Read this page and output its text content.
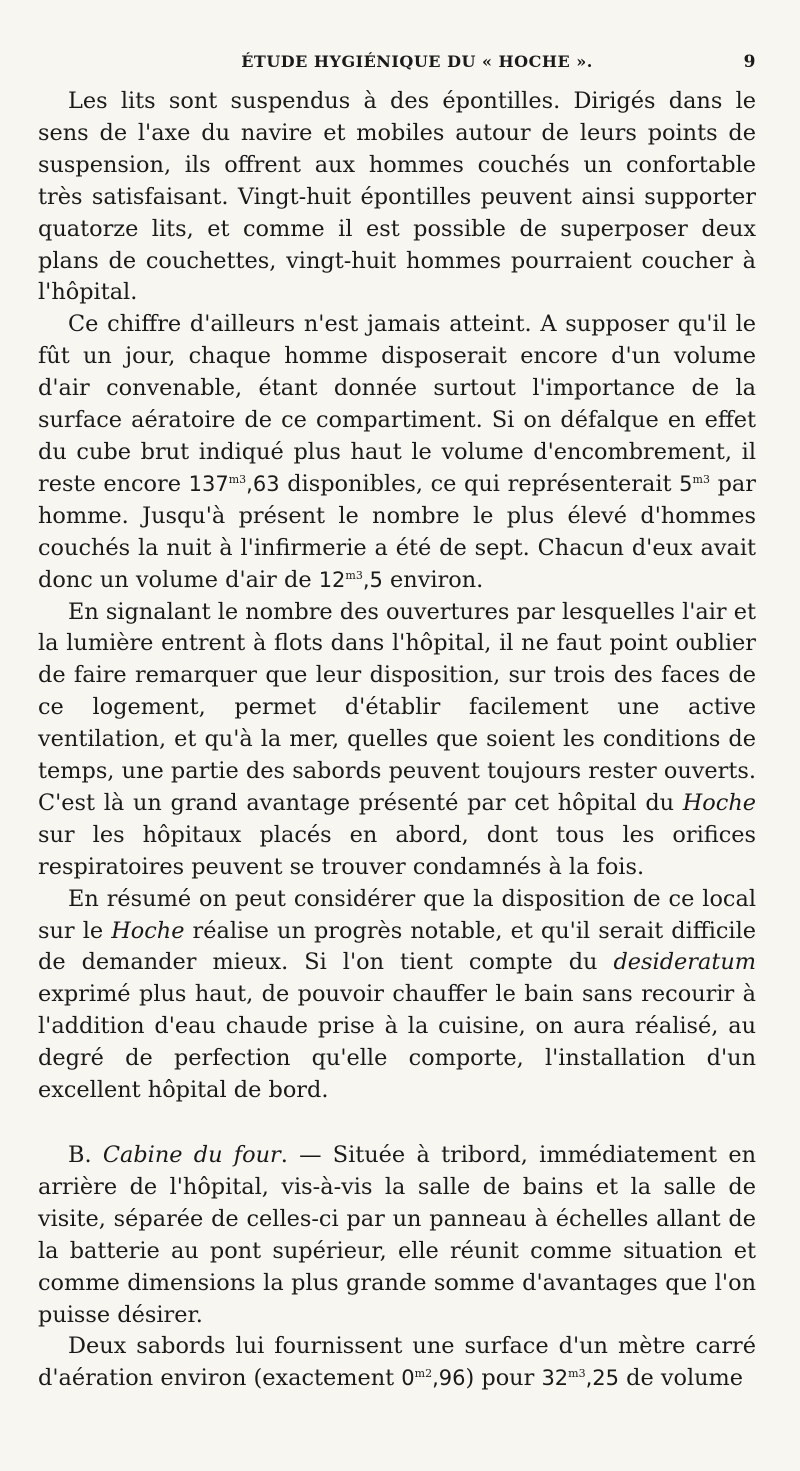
ÉTUDE HYGIÉNIQUE DU « HOCHE ».	9

Les lits sont suspendus à des épontilles. Dirigés dans le sens de l'axe du navire et mobiles autour de leurs points de suspension, ils offrent aux hommes couchés un confortable très satisfaisant. Vingt-huit épontilles peuvent ainsi supporter quatorze lits, et comme il est possible de superposer deux plans de couchettes, vingt-huit hommes pourraient coucher à l'hôpital.

Ce chiffre d'ailleurs n'est jamais atteint. A supposer qu'il le fût un jour, chaque homme disposerait encore d'un volume d'air convenable, étant donnée surtout l'importance de la surface aératoire de ce compartiment. Si on défalque en effet du cube brut indiqué plus haut le volume d'encombrement, il reste encore $137^{m3},63$ disponibles, ce qui représenterait $5^{m3}$ par homme. Jusqu'à présent le nombre le plus élevé d'hommes couchés la nuit à l'infirmerie a été de sept. Chacun d'eux avait donc un volume d'air de $12^{m3},5$ environ.

En signalant le nombre des ouvertures par lesquelles l'air et la lumière entrent à flots dans l'hôpital, il ne faut point oublier de faire remarquer que leur disposition, sur trois des faces de ce logement, permet d'établir facilement une active ventilation, et qu'à la mer, quelles que soient les conditions de temps, une partie des sabords peuvent toujours rester ouverts. C'est là un grand avantage présenté par cet hôpital du Hoche sur les hôpitaux placés en abord, dont tous les orifices respiratoires peuvent se trouver condamnés à la fois.

En résumé on peut considérer que la disposition de ce local sur le Hoche réalise un progrès notable, et qu'il serait difficile de demander mieux. Si l'on tient compte du desideratum exprimé plus haut, de pouvoir chauffer le bain sans recourir à l'addition d'eau chaude prise à la cuisine, on aura réalisé, au degré de perfection qu'elle comporte, l'installation d'un excellent hôpital de bord.

B. Cabine du four. — Située à tribord, immédiatement en arrière de l'hôpital, vis-à-vis la salle de bains et la salle de visite, séparée de celles-ci par un panneau à échelles allant de la batterie au pont supérieur, elle réunit comme situation et comme dimensions la plus grande somme d'avantages que l'on puisse désirer.

Deux sabords lui fournissent une surface d'un mètre carré d'aération environ (exactement $0^{m2},96$) pour $32^{m3},25$ de volume
